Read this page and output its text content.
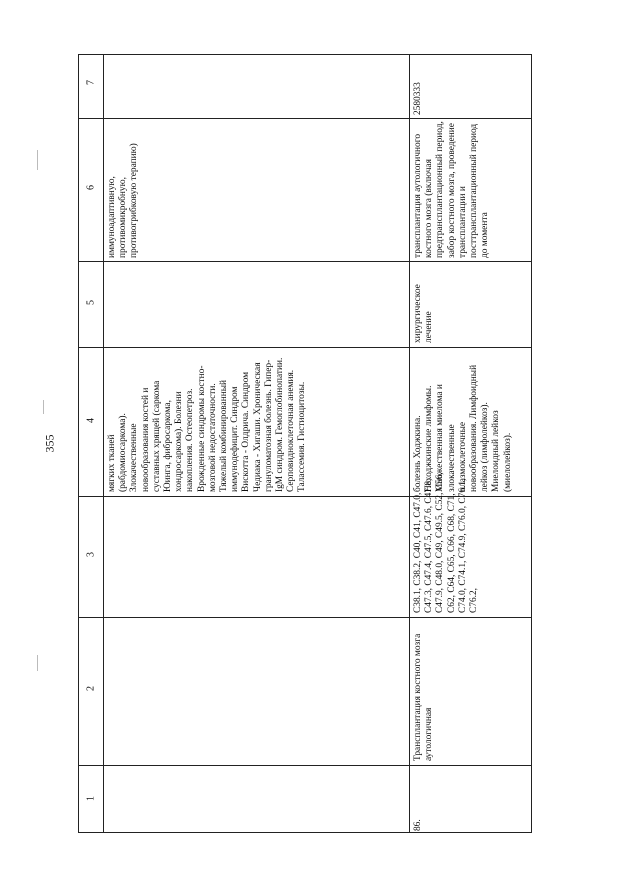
355
7
6
5
4
3
2
1
мягких тканей (рабдомиосаркома). Злокачественные новообразования костей и суставных хрящей (саркома Юинга, фибросаркома, хондросаркома). Болезни накопления. Остеопетроз. Врожденные синдромы костно-мозговой недостаточности. Тяжелый комбинированный иммунодефицит. Синдром Вискотта - Олдрича. Синдром Чедиака - Хигаши. Хроническая грануломатозная болезнь. Гипер-IgM синдром. Гемоглобинопатии. Серповидноклеточная анемия. Талассемия. Гистиоцитозы.
иммуноадаптивную, противомикробную, противогрибковую терапию)
86.
Трансплантация костного мозга аутологичная
C38.1, C38.2, C40, C41, C47.0, C47.3, C47.4, C47.5, C47.6, C47.8, C47.9, C48.0, C49, C49.5, C52, C56, C62, C64, C65, C66, C68, C71, C74.0, C74.1, C74.9, C76.0, C76.1, C76.2,
болезнь Ходжкина. Неходжкинские лимфомы. Множественная миелома и злокачественные плазмоклеточные новообразования. Лимфоидный лейкоз (лимфолейкоз). Миелоидный лейкоз (миелолейкоз).
хирургическое лечение
трансплантация аутологичного костного мозга (включая предтрансплантационный период, забор костного мозга, проведение трансплантации и посттрансплантационный период до момента
2580333
